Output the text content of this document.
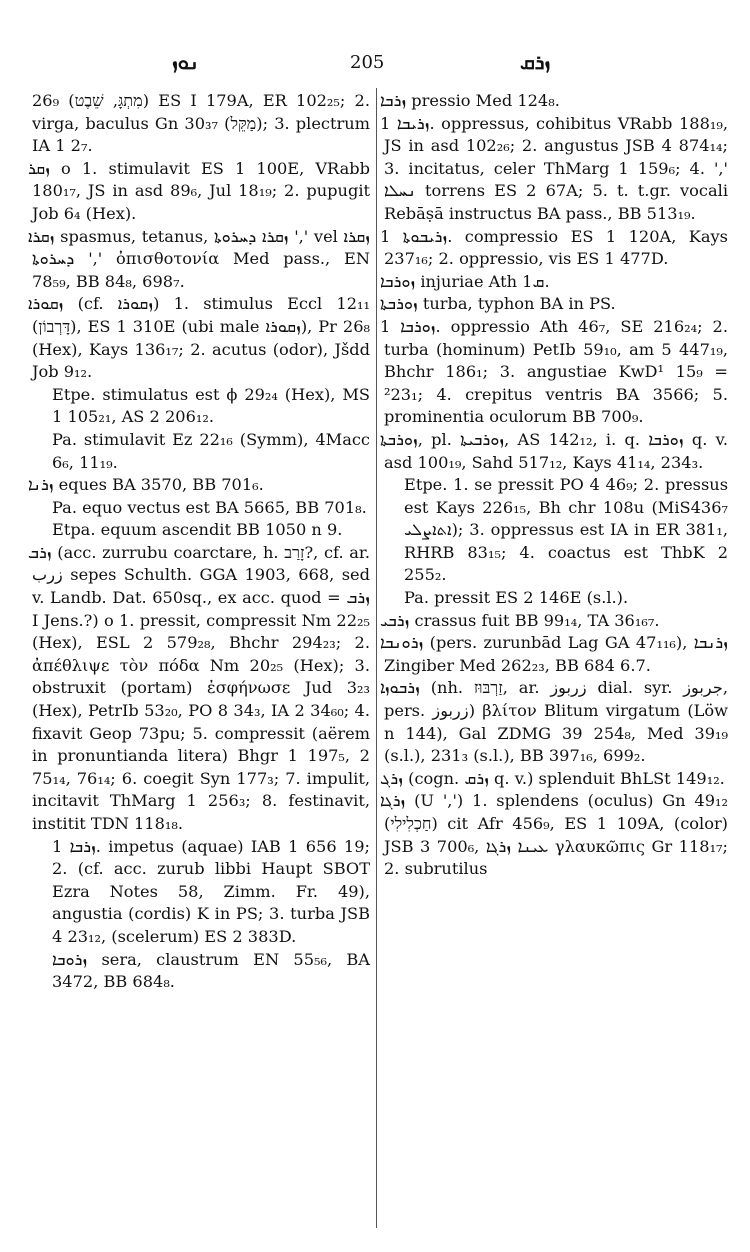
ܢܘܙ	205	ܙܪܩ

26₉ (מִתְגָּ, שֵׁבֶט) ES I 179A, ER 102₂₅; 2. virga, baculus Gn 30₃₇ (מַקֵּל); 3. plectrum IA 1 2₇.

ܙܩܪ o 1. stimulavit ES 1 100E, VRabb 180₁₇, JS in asd 89₆, Jul 18₁₉; 2. pupugit Job 6₄ (Hex).

ܙܩܪܐ spasmus, tetanus, ܙܩܪܐ ܕܚܪܘܬܐ ',' vel ܙܩܪܐ ܕܚܪܘܬܐ ',' ὀπισθοτονία Med pass., EN 78₅₉, BB 84₈, 698₇.

ܙܩܘܪܐ (cf. ܙܩܘܪܐ) 1. stimulus Eccl 12₁₁ (דָּרְבוֹן), ES 1 310E (ubi male ܙܩܘܪܐ), Pr 26₈ (Hex), Kays 136₁₇; 2. acutus (odor), Jšdd Job 9₁₂.

Etpe. stimulatus est ϕ 29₂₄ (Hex), MS 1 105₂₁, AS 2 206₁₂.

Pa. stimulavit Ez 22₁₆ (Symm), 4Macc 6₆, 11₁₉.

ܙܪܢܐ eques BA 3570, BB 701₆.

Pa. equo vectus est BA 5665, BB 701₈.

Etpa. equum ascendit BB 1050 n 9.

ܙܪܒ (acc. zurrubu coarctare, h. זָרַב?, cf. ar. زرب sepes Schulth. GGA 1903, 668, sed v. Landb. Dat. 650sq., ex acc. quod = ܙܪܒ I Jens.?) o 1. pressit, compressit Nm 22₂₅ (Hex), ESL 2 579₂₈, Bhchr 294₂₃; 2. ἀπέθλιψε τὸν πόδα Nm 20₂₅ (Hex); 3. obstruxit (portam) ἐσφήνωσε Jud 3₂₃ (Hex), PetrIb 53₂₀, PO 8 34₃, IA 2 34₆₀; 4. fixavit Geop 73pu; 5. compressit (aërem in pronuntianda litera) Bhgr 1 197₅, 2 75₁₄, 76₁₄; 6. coegit Syn 177₃; 7. impulit, incitavit ThMarg 1 256₃; 8. festinavit, institit TDN 118₁₈.

ܙܪܒܐ 1. impetus (aquae) IAB 1 656 19; 2. (cf. acc. zurub libbi Haupt SBOT Ezra Notes 58, Zimm. Fr. 49), angustia (cordis) K in PS; 3. turba JSB 4 23₁₂, (scelerum) ES 2 383D.

ܙܪܘܒܐ sera, claustrum EN 55₅₆, BA 3472, BB 684₈.

ܙܪܒܐ pressio Med 124₈.

ܙܪܝܒܐ 1. oppressus, cohibitus VRabb 188₁₉, JS in asd 102₂₆; 2. angustus JSB 4 874₁₄; 3. incitatus, celer ThMarg 1 159₆; 4. ',' ܢܚܠܐ torrens ES 2 67A; 5. t. t.gr. vocali Rebāṣā instructus BA pass., BB 513₁₉.

ܙܪܝܒܘܬܐ 1. compressio ES 1 120A, Kays 237₁₆; 2. oppressio, vis ES 1 477D.

ܙܘܪܒܐ injuriae Ath ܩ1.

ܙܘܪܒܬܐ turba, typhon BA in PS.

ܙܘܪܒܐ 1. oppressio Ath 46₇, SE 216₂₄; 2. turba (hominum) PetIb 59₁₀, am 5 447₁₉, Bhchr 186₁; 3. angustiae KwD¹ 15₉ = ²23₁; 4. crepitus ventris BA 3566; 5. prominentia oculorum BB 700₉.

ܙܘܪܒܬܐ, pl. ܙܘܪܒܝܬܐ, AS 142₁₂, i. q. ܙܘܪܒܐ q. v. asd 100₁₉, Sahd 517₁₂, Kays 41₁₄, 234₃.

Etpe. 1. se pressit PO 4 46₉; 2. pressus est Kays 226₁₅, Bh chr 108u (MiS436₇ ܐܬܐܨܠܝ); 3. oppressus est IA in ER 381₁, RHRB 83₁₅; 4. coactus est ThbK 2 255₂.

Pa. pressit ES 2 146E (s.l.).

ܙܪܒܝ crassus fuit BB 99₁₄, TA 36₁₆₇.

ܙܪܘܢܒܐ (pers. zurunbād Lag GA 47₁₁₆), ܙܪܢܒܐ Zingiber Med 262₂₃, BB 684 6.7.

ܙܪܒܘܙܐ (nh. זַרְבּוּז, ar. زربوز dial. syr. جربوز, pers. زربوز) βλίτον Blitum virgatum (Löw n 144), Gal ZDMG 39 254₈, Med 39₁₉ (s.l.), 231₃ (s.l.), BB 397₁₆, 699₂.

ܙܪܓ (cogn. ܙܪܩ q. v.) splenduit BhLSt 149₁₂.

ܙܪܓܐ (U ',') 1. splendens (oculus) Gn 49₁₂ (חַכְלִילִי) cit Afr 456₉, ES 1 109A, (color) JSB 3 700₆, ܥܝܢܐ ܙܪܓܐ γλαυκῶπις Gr 118₁₇; 2. subrutilus
